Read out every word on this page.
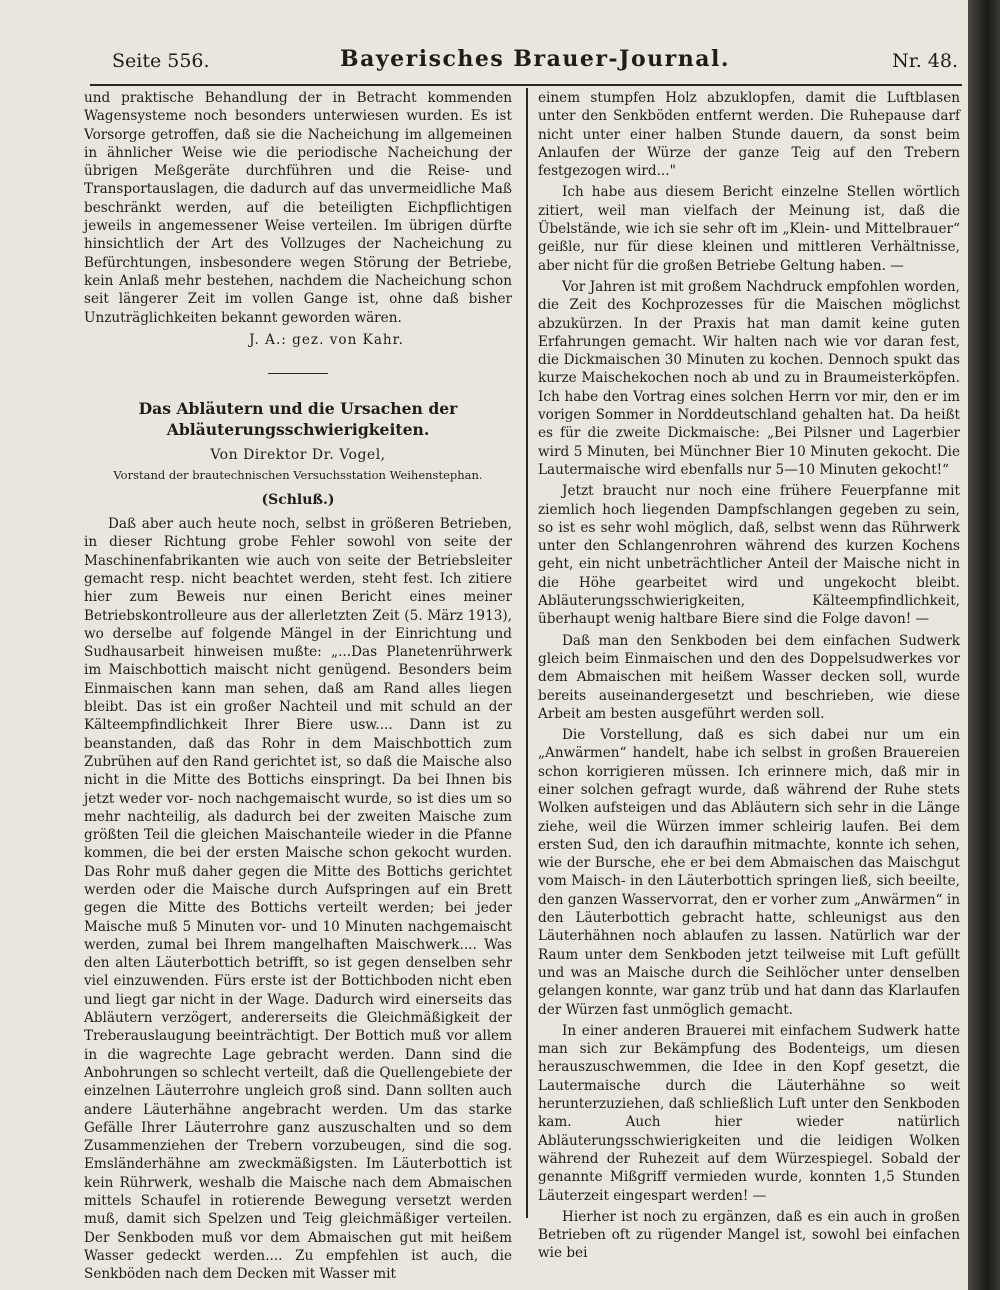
Seite 556.	Bayerisches Brauer-Journal.	Nr. 48.

und praktische Behandlung der in Betracht kommenden Wagensysteme noch besonders unterwiesen wurden. Es ist Vorsorge getroffen, daß sie die Nacheichung im allgemeinen in ähnlicher Weise wie die periodische Nacheichung der übrigen Meßgeräte durchführen und die Reise- und Transportauslagen, die dadurch auf das unvermeidliche Maß beschränkt werden, auf die beteiligten Eichpflichtigen jeweils in angemessener Weise verteilen. Im übrigen dürfte hinsichtlich der Art des Vollzuges der Nacheichung zu Befürchtungen, insbesondere wegen Störung der Betriebe, kein Anlaß mehr bestehen, nachdem die Nacheichung schon seit längerer Zeit im vollen Gange ist, ohne daß bisher Unzuträglichkeiten bekannt geworden wären.

J. A.: gez. von Kahr.
Das Abläutern und die Ursachen der Abläuterungsschwierigkeiten.
Von Direktor Dr. Vogel,
Vorstand der brautechnischen Versuchsstation Weihenstephan.
(Schluß.)

Daß aber auch heute noch, selbst in größeren Betrieben, in dieser Richtung grobe Fehler sowohl von seite der Maschinenfabrikanten wie auch von seite der Betriebsleiter gemacht resp. nicht beachtet werden, steht fest. Ich zitiere hier zum Beweis nur einen Bericht eines meiner Betriebskontrolleure aus der allerletzten Zeit (5. März 1913), wo derselbe auf folgende Mängel in der Einrichtung und Sudhausarbeit hinweisen mußte: „...Das Planetenrührwerk im Maischbottich maischt nicht genügend. Besonders beim Einmaischen kann man sehen, daß am Rand alles liegen bleibt. Das ist ein großer Nachteil und mit schuld an der Kälteempfindlichkeit Ihrer Biere usw.... Dann ist zu beanstanden, daß das Rohr in dem Maischbottich zum Zubrühen auf den Rand gerichtet ist, so daß die Maische also nicht in die Mitte des Bottichs einspringt. Da bei Ihnen bis jetzt weder vor- noch nachgemaischt wurde, so ist dies um so mehr nachteilig, als dadurch bei der zweiten Maische zum größten Teil die gleichen Maischanteile wieder in die Pfanne kommen, die bei der ersten Maische schon gekocht wurden. Das Rohr muß daher gegen die Mitte des Bottichs gerichtet werden oder die Maische durch Aufspringen auf ein Brett gegen die Mitte des Bottichs verteilt werden; bei jeder Maische muß 5 Minuten vor- und 10 Minuten nachgemaischt werden, zumal bei Ihrem mangelhaften Maischwerk.... Was den alten Läuterbottich betrifft, so ist gegen denselben sehr viel einzuwenden. Fürs erste ist der Bottichboden nicht eben und liegt gar nicht in der Wage. Dadurch wird einerseits das Abläutern verzögert, andererseits die Gleichmäßigkeit der Treberauslaugung beeinträchtigt. Der Bottich muß vor allem in die wagrechte Lage gebracht werden. Dann sind die Anbohrungen so schlecht verteilt, daß die Quellengebiete der einzelnen Läuterrohre ungleich groß sind. Dann sollten auch andere Läuterhähne angebracht werden. Um das starke Gefälle Ihrer Läuterrohre ganz auszuschalten und so dem Zusammenziehen der Trebern vorzubeugen, sind die sog. Emsländerhähne am zweckmäßigsten. Im Läuterbottich ist kein Rührwerk, weshalb die Maische nach dem Abmaischen mittels Schaufel in rotierende Bewegung versetzt werden muß, damit sich Spelzen und Teig gleichmäßiger verteilen. Der Senkboden muß vor dem Abmaischen gut mit heißem Wasser gedeckt werden.... Zu empfehlen ist auch, die Senkböden nach dem Decken mit Wasser mit

einem stumpfen Holz abzuklopfen, damit die Luftblasen unter den Senkböden entfernt werden. Die Ruhepause darf nicht unter einer halben Stunde dauern, da sonst beim Anlaufen der Würze der ganze Teig auf den Trebern festgezogen wird..."

Ich habe aus diesem Bericht einzelne Stellen wörtlich zitiert, weil man vielfach der Meinung ist, daß die Übelstände, wie ich sie sehr oft im „Klein- und Mittelbrauer“ geißle, nur für diese kleinen und mittleren Verhältnisse, aber nicht für die großen Betriebe Geltung haben. —

Vor Jahren ist mit großem Nachdruck empfohlen worden, die Zeit des Kochprozesses für die Maischen möglichst abzukürzen. In der Praxis hat man damit keine guten Erfahrungen gemacht. Wir halten nach wie vor daran fest, die Dickmaischen 30 Minuten zu kochen. Dennoch spukt das kurze Maischekochen noch ab und zu in Braumeisterköpfen. Ich habe den Vortrag eines solchen Herrn vor mir, den er im vorigen Sommer in Norddeutschland gehalten hat. Da heißt es für die zweite Dickmaische: „Bei Pilsner und Lagerbier wird 5 Minuten, bei Münchner Bier 10 Minuten gekocht. Die Lautermaische wird ebenfalls nur 5—10 Minuten gekocht!“

Jetzt braucht nur noch eine frühere Feuerpfanne mit ziemlich hoch liegenden Dampfschlangen gegeben zu sein, so ist es sehr wohl möglich, daß, selbst wenn das Rührwerk unter den Schlangenrohren während des kurzen Kochens geht, ein nicht unbeträchtlicher Anteil der Maische nicht in die Höhe gearbeitet wird und ungekocht bleibt. Abläuterungsschwierigkeiten, Kälteempfindlichkeit, überhaupt wenig haltbare Biere sind die Folge davon! —

Daß man den Senkboden bei dem einfachen Sudwerk gleich beim Einmaischen und den des Doppelsudwerkes vor dem Abmaischen mit heißem Wasser decken soll, wurde bereits auseinandergesetzt und beschrieben, wie diese Arbeit am besten ausgeführt werden soll.

Die Vorstellung, daß es sich dabei nur um ein „Anwärmen“ handelt, habe ich selbst in großen Brauereien schon korrigieren müssen. Ich erinnere mich, daß mir in einer solchen gefragt wurde, daß während der Ruhe stets Wolken aufsteigen und das Abläutern sich sehr in die Länge ziehe, weil die Würzen immer schleirig laufen. Bei dem ersten Sud, den ich daraufhin mitmachte, konnte ich sehen, wie der Bursche, ehe er bei dem Abmaischen das Maischgut vom Maisch- in den Läuterbottich springen ließ, sich beeilte, den ganzen Wasservorrat, den er vorher zum „Anwärmen“ in den Läuterbottich gebracht hatte, schleunigst aus den Läuterhähnen noch ablaufen zu lassen. Natürlich war der Raum unter dem Senkboden jetzt teilweise mit Luft gefüllt und was an Maische durch die Seihlöcher unter denselben gelangen konnte, war ganz trüb und hat dann das Klarlaufen der Würzen fast unmöglich gemacht.

In einer anderen Brauerei mit einfachem Sudwerk hatte man sich zur Bekämpfung des Bodenteigs, um diesen herauszuschwemmen, die Idee in den Kopf gesetzt, die Lautermaische durch die Läuterhähne so weit herunterzuziehen, daß schließlich Luft unter den Senkboden kam. Auch hier wieder natürlich Abläuterungsschwierigkeiten und die leidigen Wolken während der Ruhezeit auf dem Würzespiegel. Sobald der genannte Mißgriff vermieden wurde, konnten 1,5 Stunden Läuterzeit eingespart werden! —

Hierher ist noch zu ergänzen, daß es ein auch in großen Betrieben oft zu rügender Mangel ist, sowohl bei einfachen wie bei
